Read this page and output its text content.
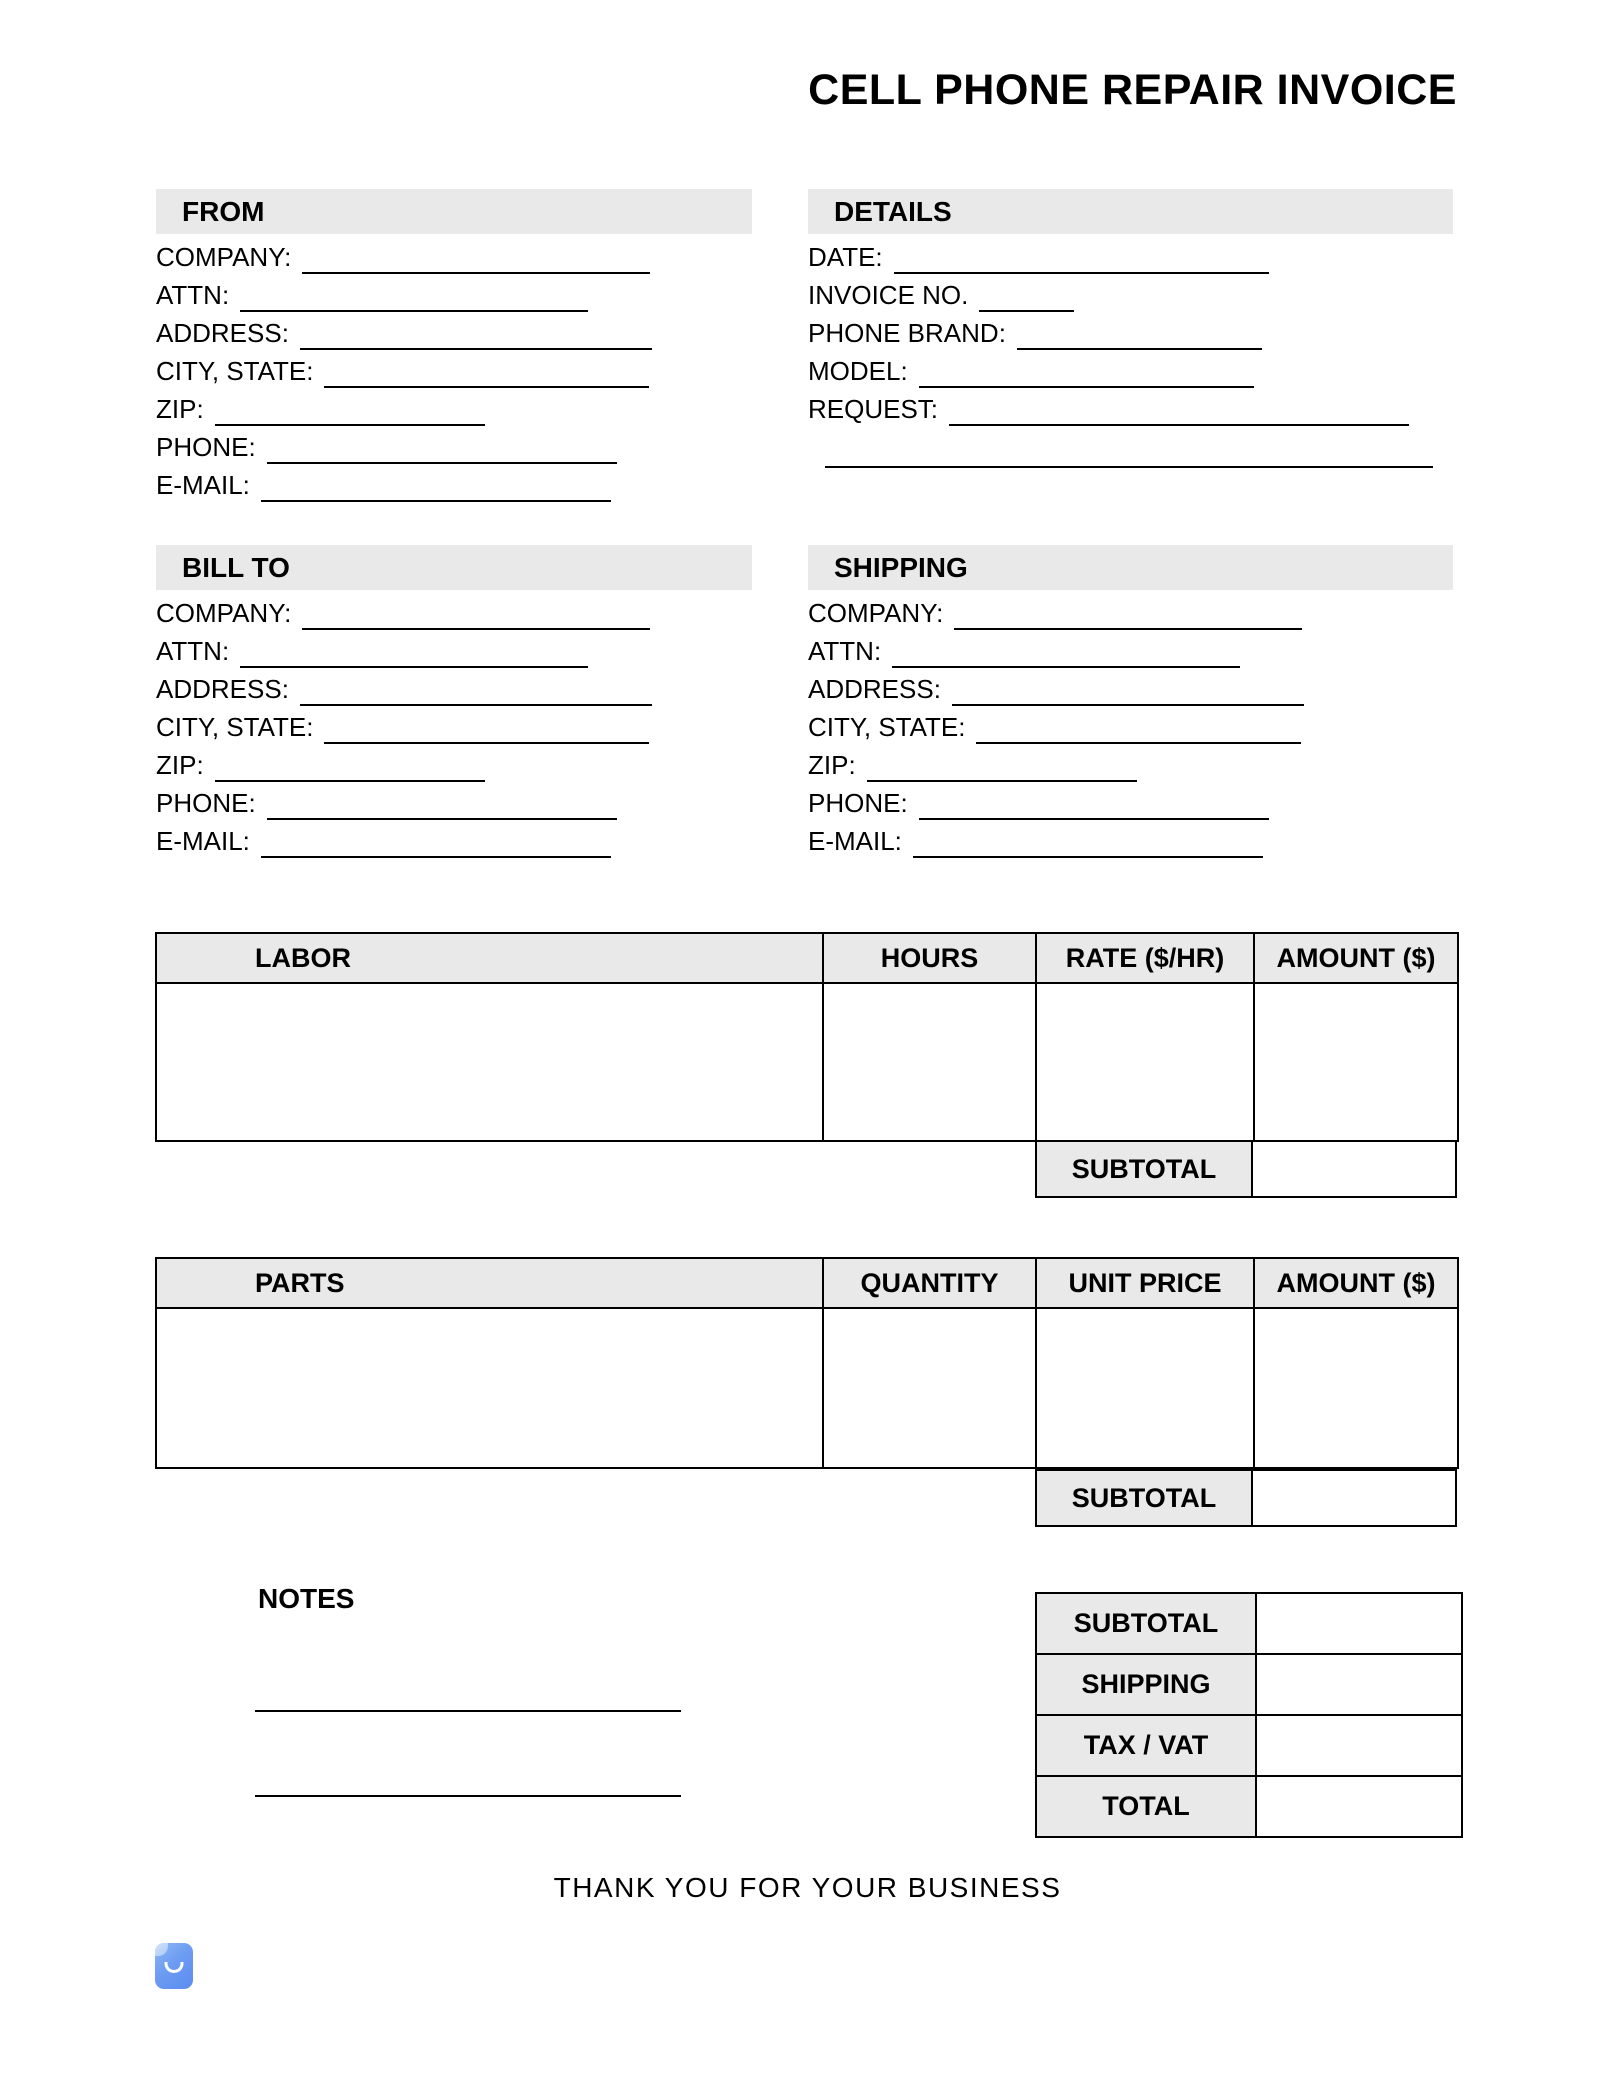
CELL PHONE REPAIR INVOICE
FROM
COMPANY:
ATTN:
ADDRESS:
CITY, STATE:
ZIP:
PHONE:
E-MAIL:
DETAILS
DATE:
INVOICE NO.
PHONE BRAND:
MODEL:
REQUEST:
BILL TO
COMPANY:
ATTN:
ADDRESS:
CITY, STATE:
ZIP:
PHONE:
E-MAIL:
SHIPPING
COMPANY:
ATTN:
ADDRESS:
CITY, STATE:
ZIP:
PHONE:
E-MAIL:
LABOR	HOURS	RATE ($/HR)	AMOUNT ($)

SUBTOTAL
PARTS	QUANTITY	UNIT PRICE	AMOUNT ($)

SUBTOTAL
NOTES
SUBTOTAL	
SHIPPING	
TAX / VAT	
TOTAL	
THANK YOU FOR YOUR BUSINESS
